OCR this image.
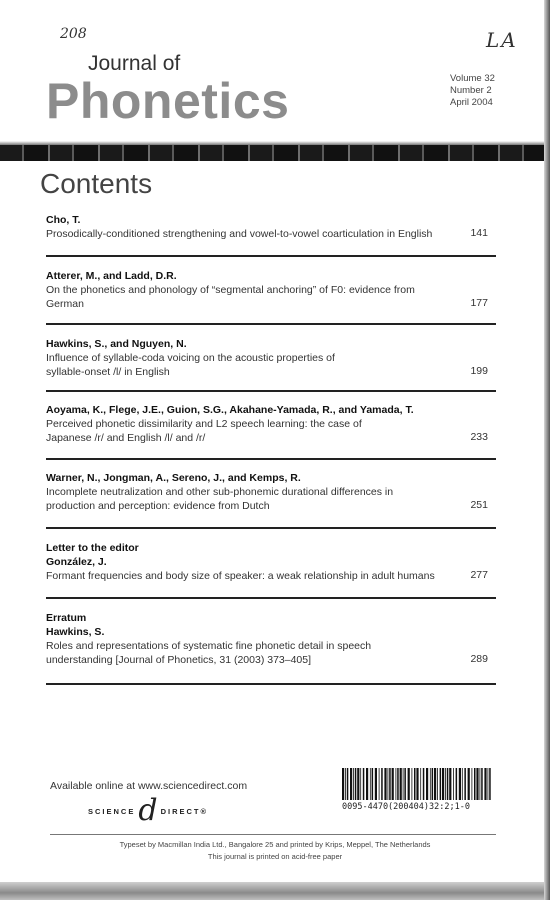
208	LA
Journal of
Phonetics	Volume 32
Number 2
April 2004
Contents
Cho, T.
Prosodically-conditioned strengthening and vowel-to-vowel coarticulation in English	141
Atterer, M., and Ladd, D.R.
On the phonetics and phonology of “segmental anchoring” of F0: evidence from
German	177
Hawkins, S., and Nguyen, N.
Influence of syllable-coda voicing on the acoustic properties of
syllable-onset /l/ in English	199
Aoyama, K., Flege, J.E., Guion, S.G., Akahane-Yamada, R., and Yamada, T.
Perceived phonetic dissimilarity and L2 speech learning: the case of
Japanese /r/ and English /l/ and /r/	233
Warner, N., Jongman, A., Sereno, J., and Kemps, R.
Incomplete neutralization and other sub-phonemic durational differences in
production and perception: evidence from Dutch	251
Letter to the editor
González, J.
Formant frequencies and body size of speaker: a weak relationship in adult humans	277
Erratum
Hawkins, S.
Roles and representations of systematic fine phonetic detail in speech
understanding [Journal of Phonetics, 31 (2003) 373–405]	289
Available online at www.sciencedirect.com
SCIENCE d DIRECT®	0095-4470(200404)32:2;1-0
Typeset by Macmillan India Ltd., Bangalore 25 and printed by Krips, Meppel, The Netherlands
This journal is printed on acid-free paper
